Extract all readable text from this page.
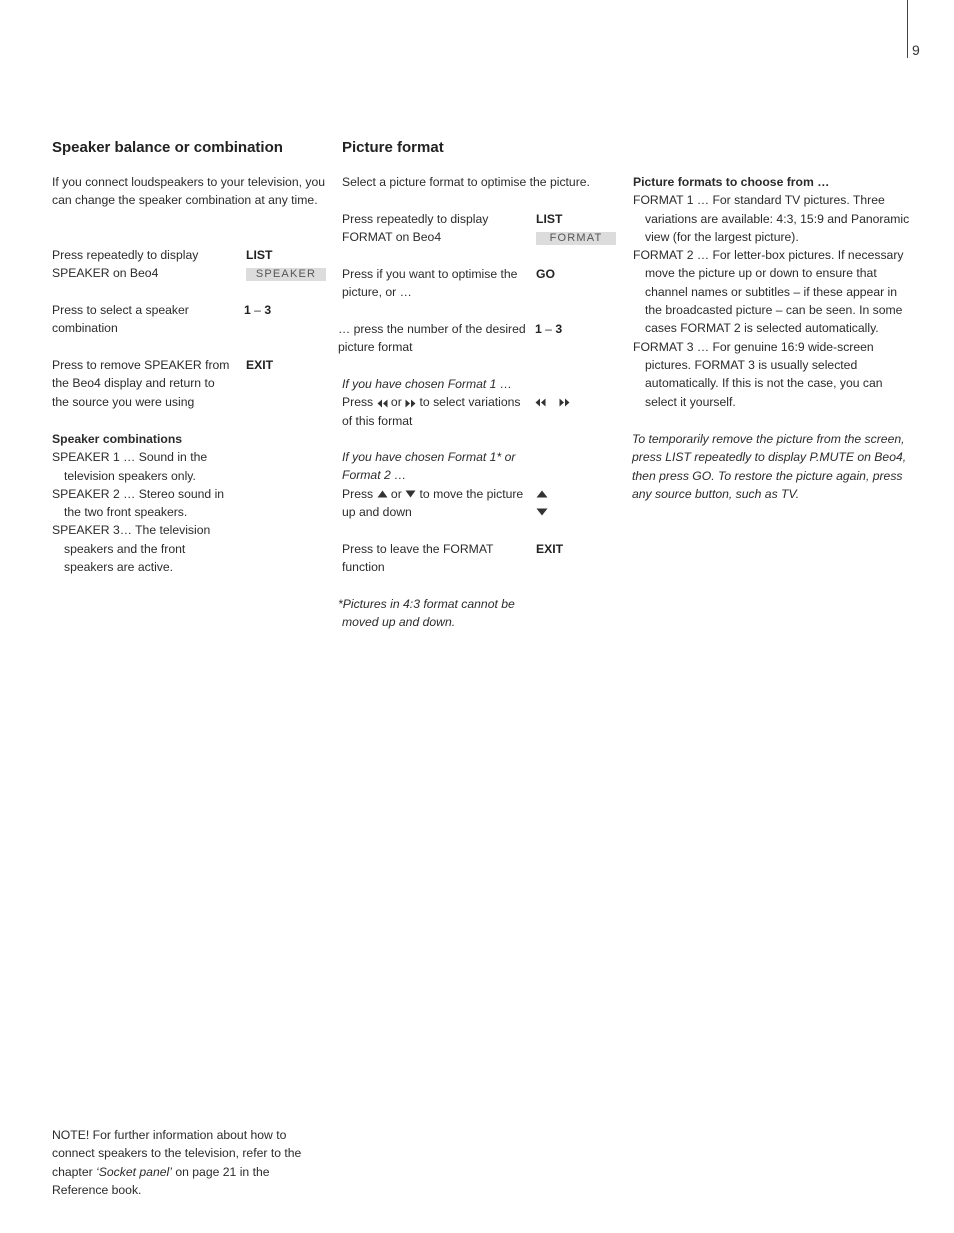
9
Speaker balance or combination

If you connect loudspeakers to your television, you can change the speaker combination at any time.

Press repeatedly to display SPEAKER on Beo4

LIST
SPEAKER

Press to select a speaker combination

1 – 3

Press to remove SPEAKER from the Beo4 display and return to the source you were using

EXIT
Speaker combinations
SPEAKER 1 … Sound in the television speakers only.
SPEAKER 2 … Stereo sound in the two front speakers.
SPEAKER 3… The television speakers and the front speakers are active.

NOTE! For further information about how to connect speakers to the television, refer to the chapter ‘Socket panel’ on page 21 in the Reference book.

Picture format

Select a picture format to optimise the picture.

Press repeatedly to display FORMAT on Beo4

LIST
FORMAT

Press if you want to optimise the picture, or …

GO

… press the number of the desired picture format

1 – 3
If you have chosen Format 1 …
Press  or  to select variations of this format
If you have chosen Format 1* or Format 2 …
Press  or  to move the picture up and down

Press to leave the FORMAT function

EXIT

*Pictures in 4:3 format cannot be moved up and down.

Picture formats to choose from …
FORMAT 1 … For standard TV pictures. Three variations are available: 4:3, 15:9 and Panoramic view (for the largest picture).
FORMAT 2 … For letter-box pictures. If necessary move the picture up or down to ensure that channel names or subtitles – if these appear in the broadcasted picture – can be seen. In some cases FORMAT 2 is selected automatically.
FORMAT 3 … For genuine 16:9 wide-screen pictures. FORMAT 3 is usually selected automatically. If this is not the case, you can select it yourself.

To temporarily remove the picture from the screen, press LIST repeatedly to display P.MUTE on Beo4, then press GO. To restore the picture again, press any source button, such as TV.
